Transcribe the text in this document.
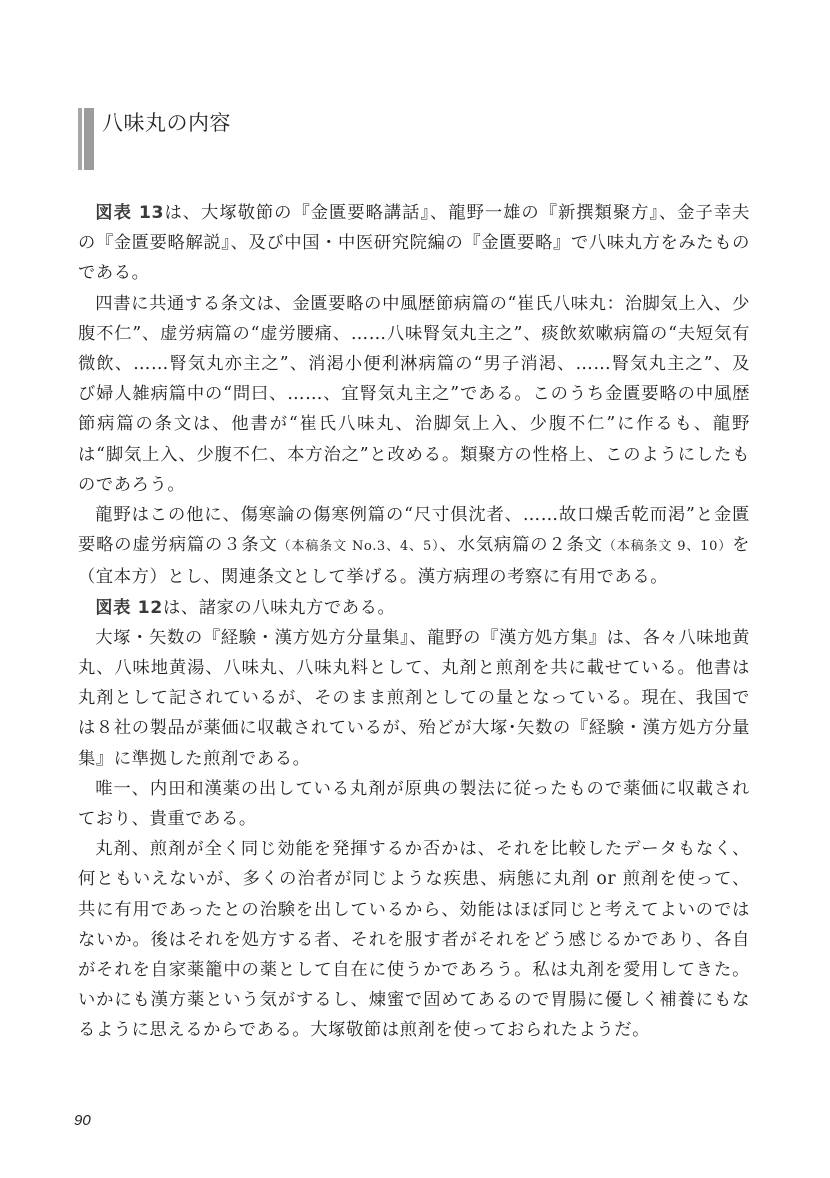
八味丸の内容

図表 13は、大塚敬節の『金匱要略講話』、龍野一雄の『新撰類聚方』、金子幸夫の『金匱要略解説』、及び中国・中医研究院編の『金匱要略』で八味丸方をみたものである。

四書に共通する条文は、金匱要略の中風歴節病篇の“崔氏八味丸：治脚気上入、少腹不仁”、虚労病篇の“虚労腰痛、……八味腎気丸主之”、痰飲欬嗽病篇の“夫短気有微飲、……腎気丸亦主之”、消渇小便利淋病篇の“男子消渇、……腎気丸主之”、及び婦人雑病篇中の“問曰、……、宜腎気丸主之”である。このうち金匱要略の中風歴節病篇の条文は、他書が“崔氏八味丸、治脚気上入、少腹不仁”に作るも、龍野は“脚気上入、少腹不仁、本方治之”と改める。類聚方の性格上、このようにしたものであろう。

龍野はこの他に、傷寒論の傷寒例篇の“尺寸倶沈者、……故口燥舌乾而渇”と金匱要略の虚労病篇の３条文（本稿条文 No.3、4、5）、水気病篇の２条文（本稿条文 9、10）を（宜本方）とし、関連条文として挙げる。漢方病理の考察に有用である。

図表 12は、諸家の八味丸方である。

大塚・矢数の『経験・漢方処方分量集』、龍野の『漢方処方集』は、各々八味地黄丸、八味地黄湯、八味丸、八味丸料として、丸剤と煎剤を共に載せている。他書は丸剤として記されているが、そのまま煎剤としての量となっている。現在、我国では８社の製品が薬価に収載されているが、殆どが大塚･矢数の『経験・漢方処方分量集』に準拠した煎剤である。

唯一、内田和漢薬の出している丸剤が原典の製法に従ったもので薬価に収載されており、貴重である。

丸剤、煎剤が全く同じ効能を発揮するか否かは、それを比較したデータもなく、何ともいえないが、多くの治者が同じような疾患、病態に丸剤 or 煎剤を使って、共に有用であったとの治験を出しているから、効能はほぼ同じと考えてよいのではないか。後はそれを処方する者、それを服す者がそれをどう感じるかであり、各自がそれを自家薬籠中の薬として自在に使うかであろう。私は丸剤を愛用してきた。いかにも漢方薬という気がするし、煉蜜で固めてあるので胃腸に優しく補養にもなるように思えるからである。大塚敬節は煎剤を使っておられたようだ。

90
